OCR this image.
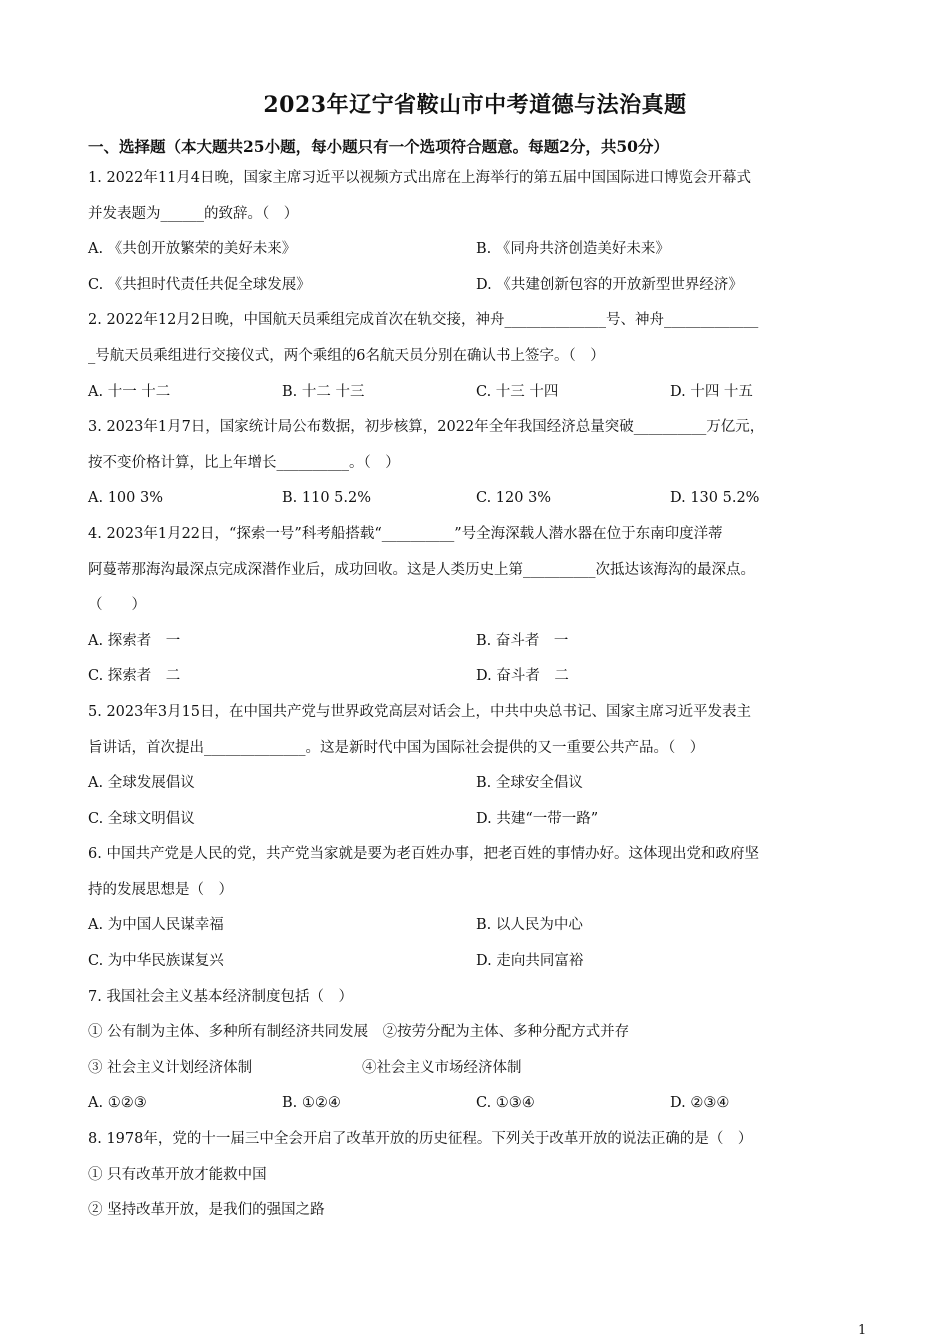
2023年辽宁省鞍山市中考道德与法治真题
一、选择题（本大题共25小题，每小题只有一个选项符合题意。每题2分，共50分）
1. 2022年11月4日晚，国家主席习近平以视频方式出席在上海举行的第五届中国国际进口博览会开幕式
并发表题为______的致辞。（　）
A. 《共创开放繁荣的美好未来》	B. 《同舟共济创造美好未来》
C. 《共担时代责任共促全球发展》	D. 《共建创新包容的开放新型世界经济》
2. 2022年12月2日晚，中国航天员乘组完成首次在轨交接，神舟______________号、神舟_____________
_号航天员乘组进行交接仪式，两个乘组的6名航天员分别在确认书上签字。（　）
A. 十一 十二	B. 十二 十三	C. 十三 十四	D. 十四 十五
3. 2023年1月7日，国家统计局公布数据，初步核算，2022年全年我国经济总量突破__________万亿元，
按不变价格计算，比上年增长__________。（　）
A. 100 3%	B. 110 5.2%	C. 120 3%	D. 130 5.2%
4. 2023年1月22日，“探索一号”科考船搭载“__________”号全海深载人潜水器在位于东南印度洋蒂
阿蔓蒂那海沟最深点完成深潜作业后，成功回收。这是人类历史上第__________次抵达该海沟的最深点。
（　　）
A. 探索者　一	B. 奋斗者　一
C. 探索者　二	D. 奋斗者　二
5. 2023年3月15日，在中国共产党与世界政党高层对话会上，中共中央总书记、国家主席习近平发表主
旨讲话，首次提出______________。这是新时代中国为国际社会提供的又一重要公共产品。（　）
A. 全球发展倡议	B. 全球安全倡议
C. 全球文明倡议	D. 共建“一带一路”
6. 中国共产党是人民的党，共产党当家就是要为老百姓办事，把老百姓的事情办好。这体现出党和政府坚
持的发展思想是（　）
A. 为中国人民谋幸福	B. 以人民为中心
C. 为中华民族谋复兴	D. 走向共同富裕
7. 我国社会主义基本经济制度包括（　）
① 公有制为主体、多种所有制经济共同发展　②按劳分配为主体、多种分配方式并存
③ 社会主义计划经济体制	④社会主义市场经济体制
A. ①②③	B. ①②④	C. ①③④	D. ②③④
8. 1978年，党的十一届三中全会开启了改革开放的历史征程。下列关于改革开放的说法正确的是（　）
① 只有改革开放才能救中国
② 坚持改革开放，是我们的强国之路
1
